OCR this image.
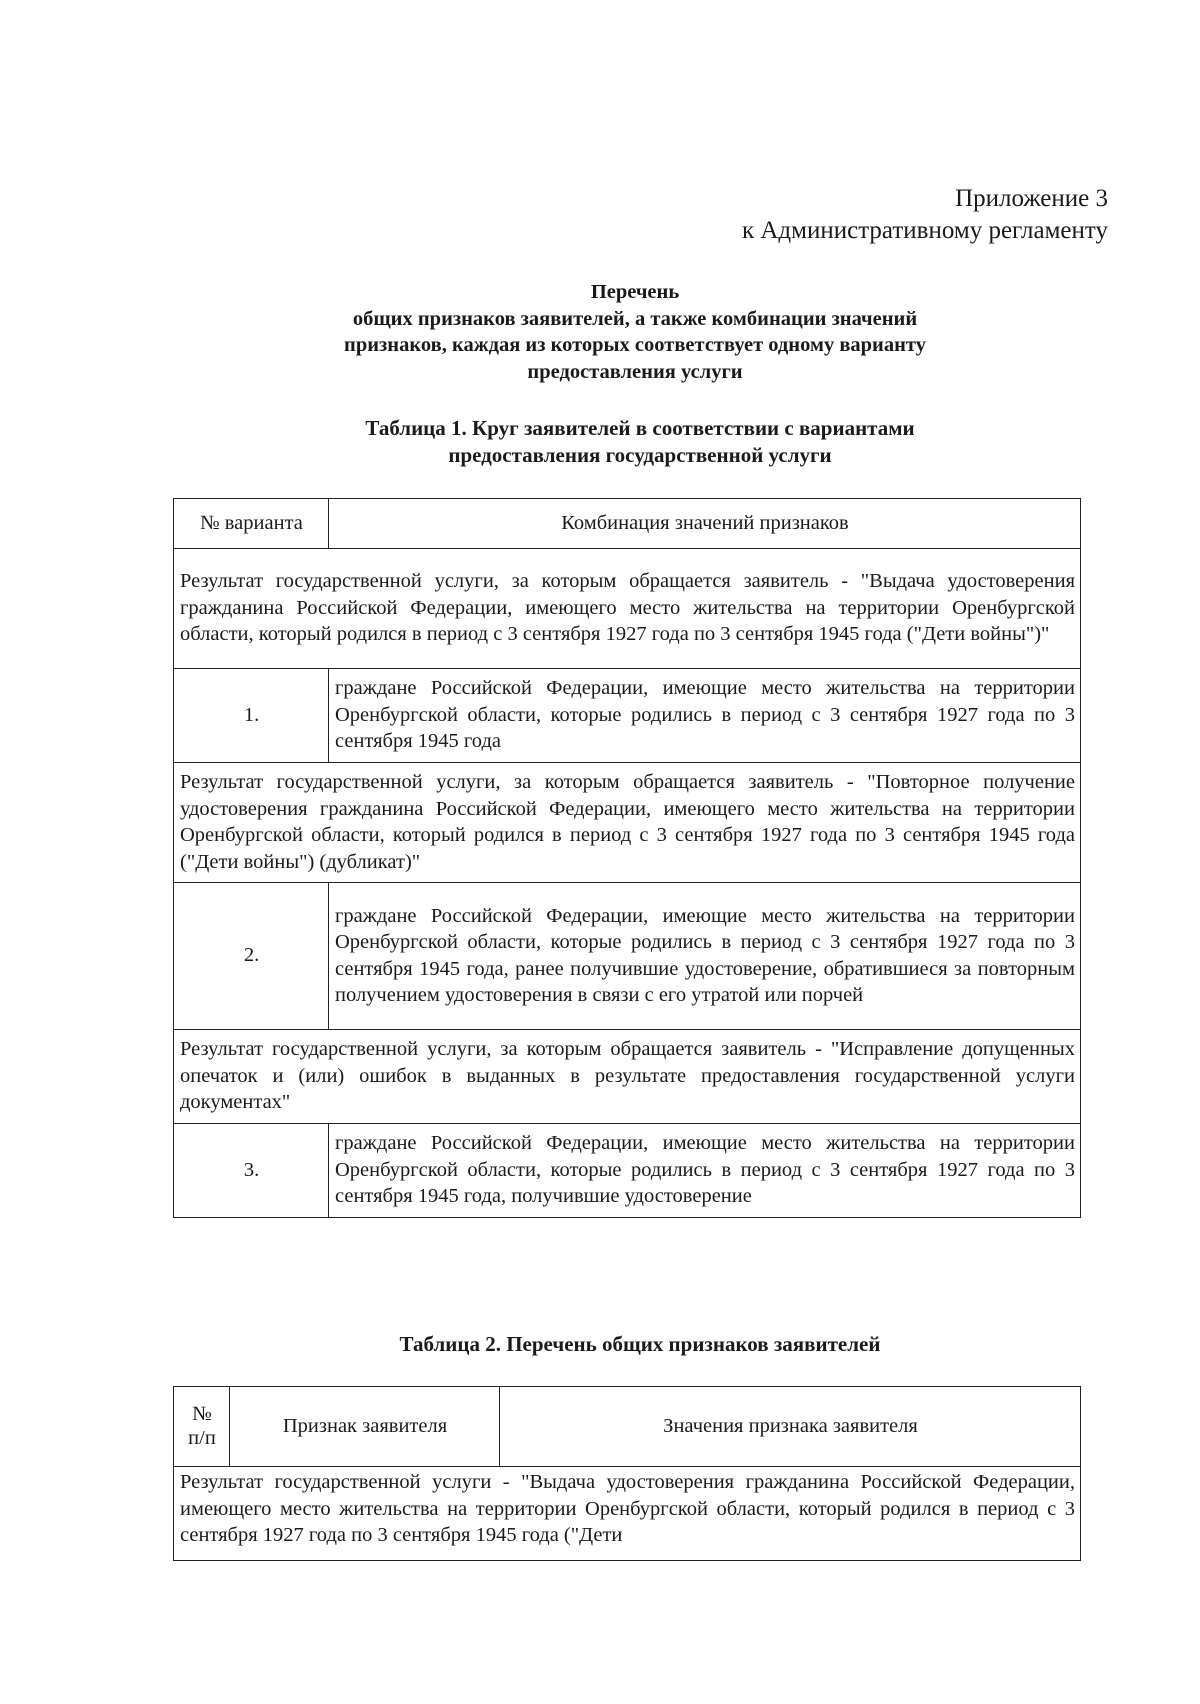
Приложение 3
к Административному регламенту
Перечень
общих признаков заявителей, а также комбинации значений
признаков, каждая из которых соответствует одному варианту
предоставления услуги
Таблица 1. Круг заявителей в соответствии с вариантами
предоставления государственной услуги
№ варианта	Комбинация значений признаков
Результат государственной услуги, за которым обращается заявитель - "Выдача удостоверения гражданина Российской Федерации, имеющего место жительства на территории Оренбургской области, который родился в период с 3 сентября 1927 года по 3 сентября 1945 года ("Дети войны")"	
1.	граждане Российской Федерации, имеющие место жительства на территории Оренбургской области, которые родились в период с 3 сентября 1927 года по 3 сентября 1945 года
Результат государственной услуги, за которым обращается заявитель - "Повторное получение удостоверения гражданина Российской Федерации, имеющего место жительства на территории Оренбургской области, который родился в период с 3 сентября 1927 года по 3 сентября 1945 года ("Дети войны") (дубликат)"	
2.	граждане Российской Федерации, имеющие место жительства на территории Оренбургской области, которые родились в период с 3 сентября 1927 года по 3 сентября 1945 года, ранее получившие удостоверение, обратившиеся за повторным получением удостоверения в связи с его утратой или порчей
Результат государственной услуги, за которым обращается заявитель - "Исправление допущенных опечаток и (или) ошибок в выданных в результате предоставления государственной услуги документах"	
3.	граждане Российской Федерации, имеющие место жительства на территории Оренбургской области, которые родились в период с 3 сентября 1927 года по 3 сентября 1945 года, получившие удостоверение
Таблица 2. Перечень общих признаков заявителей
№
п/п
	Признак заявителя	Значения признака заявителя
Результат государственной услуги - "Выдача удостоверения гражданина Российской Федерации, имеющего место жительства на территории Оренбургской области, который родился в период с 3 сентября 1927 года по 3 сентября 1945 года ("Дети
